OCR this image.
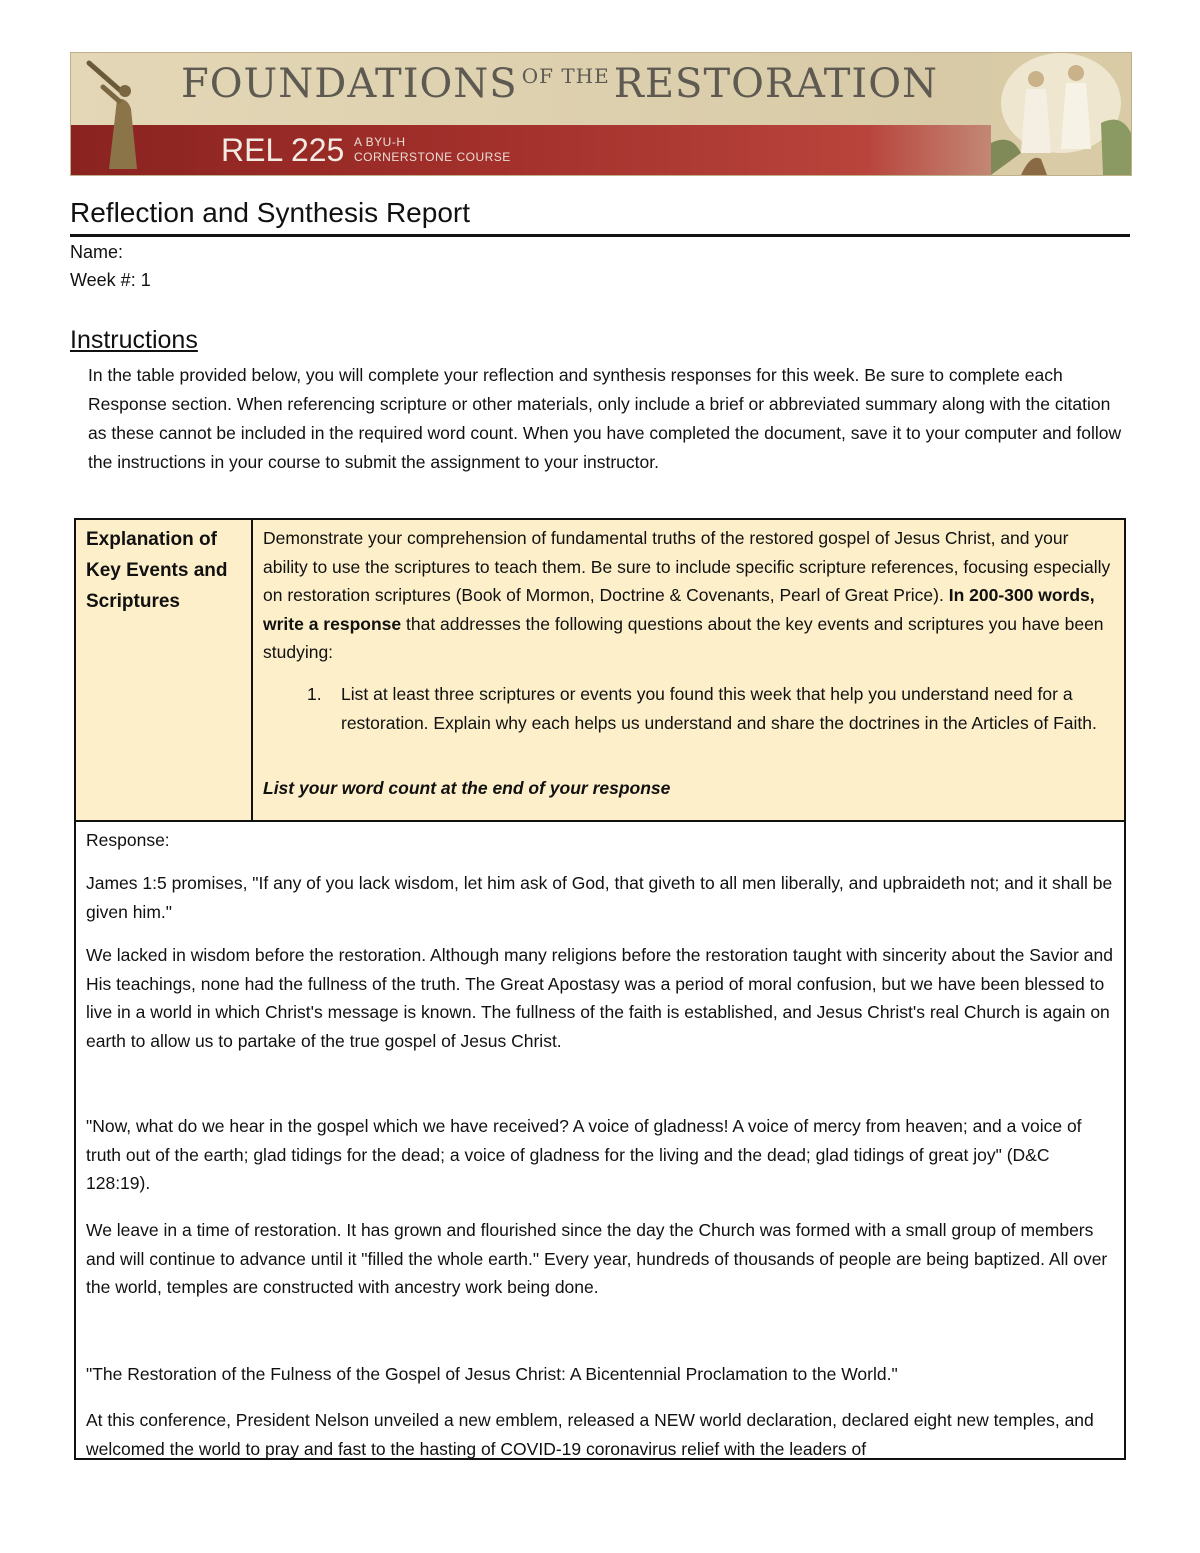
FOUNDATIONS $^{OF THE}$ RESTORATION
REL 225 A BYU-H
CORNERSTONE COURSE
Reflection and Synthesis Report
Name:
Week #: 1
Instructions
In the table provided below, you will complete your reflection and synthesis responses for this week. Be sure to complete each Response section. When referencing scripture or other materials, only include a brief or abbreviated summary along with the citation as these cannot be included in the required word count. When you have completed the document, save it to your computer and follow the instructions in your course to submit the assignment to your instructor.
Explanation of Key Events and Scriptures

Demonstrate your comprehension of fundamental truths of the restored gospel of Jesus Christ, and your ability to use the scriptures to teach them. Be sure to include specific scripture references, focusing especially on restoration scriptures (Book of Mormon, Doctrine & Covenants, Pearl of Great Price). In 200-300 words, write a response that addresses the following questions about the key events and scriptures you have been studying:

1. List at least three scriptures or events you found this week that help you understand need for a restoration. Explain why each helps us understand and share the doctrines in the Articles of Faith.
List your word count at the end of your response

Response:

James 1:5 promises, "If any of you lack wisdom, let him ask of God, that giveth to all men liberally, and upbraideth not; and it shall be given him."

We lacked in wisdom before the restoration. Although many religions before the restoration taught with sincerity about the Savior and His teachings, none had the fullness of the truth. The Great Apostasy was a period of moral confusion, but we have been blessed to live in a world in which Christ's message is known. The fullness of the faith is established, and Jesus Christ's real Church is again on earth to allow us to partake of the true gospel of Jesus Christ.

"Now, what do we hear in the gospel which we have received? A voice of gladness! A voice of mercy from heaven; and a voice of truth out of the earth; glad tidings for the dead; a voice of gladness for the living and the dead; glad tidings of great joy" (D&C 128:19).

We leave in a time of restoration. It has grown and flourished since the day the Church was formed with a small group of members and will continue to advance until it "filled the whole earth." Every year, hundreds of thousands of people are being baptized. All over the world, temples are constructed with ancestry work being done.

"The Restoration of the Fulness of the Gospel of Jesus Christ: A Bicentennial Proclamation to the World."

At this conference, President Nelson unveiled a new emblem, released a NEW world declaration, declared eight new temples, and welcomed the world to pray and fast to the hasting of COVID-19 coronavirus relief with the leaders of
